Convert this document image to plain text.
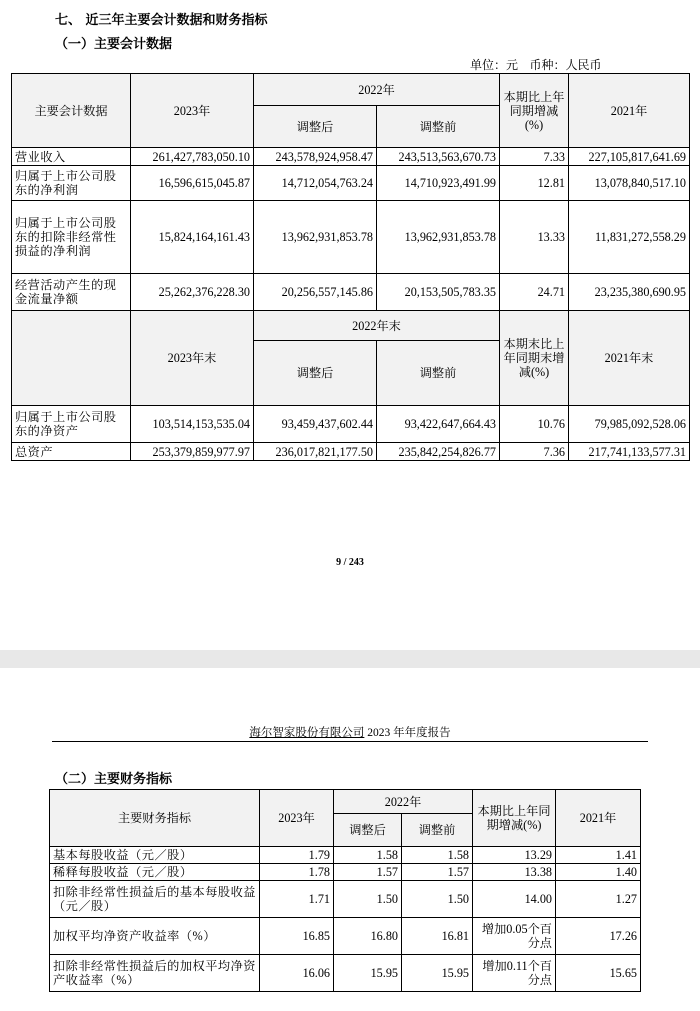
七、 近三年主要会计数据和财务指标
（一）主要会计数据
单位：元   币种：人民币
主要会计数据	2023年	2022年		本期比上年同期增减(%)	2021年
		调整后	调整前		
营业收入	261,427,783,050.10	243,578,924,958.47	243,513,563,670.73	7.33	227,105,817,641.69
归属于上市公司股东的净利润	16,596,615,045.87	14,712,054,763.24	14,710,923,491.99	12.81	13,078,840,517.10
归属于上市公司股东的扣除非经常性损益的净利润	15,824,164,161.43	13,962,931,853.78	13,962,931,853.78	13.33	11,831,272,558.29
经营活动产生的现金流量净额	25,262,376,228.30	20,256,557,145.86	20,153,505,783.35	24.71	23,235,380,690.95
	2023年末	2022年末		本期末比上年同期末增减(%)	2021年末
		调整后	调整前		
归属于上市公司股东的净资产	103,514,153,535.04	93,459,437,602.44	93,422,647,664.43	10.76	79,985,092,528.06
总资产	253,379,859,977.97	236,017,821,177.50	235,842,254,826.77	7.36	217,741,133,577.31
9 / 243
海尔智家股份有限公司 2023 年年度报告
（二）主要财务指标
主要财务指标	2023年	2022年		本期比上年同期增减(%)	2021年
		调整后	调整前		
基本每股收益（元／股）	1.79	1.58	1.58	13.29	1.41
稀释每股收益（元／股）	1.78	1.57	1.57	13.38	1.40
扣除非经常性损益后的基本每股收益（元／股）	1.71	1.50	1.50	14.00	1.27
加权平均净资产收益率（%）	16.85	16.80	16.81	增加0.05个百分点	17.26
扣除非经常性损益后的加权平均净资产收益率（%）	16.06	15.95	15.95	增加0.11个百分点	15.65
